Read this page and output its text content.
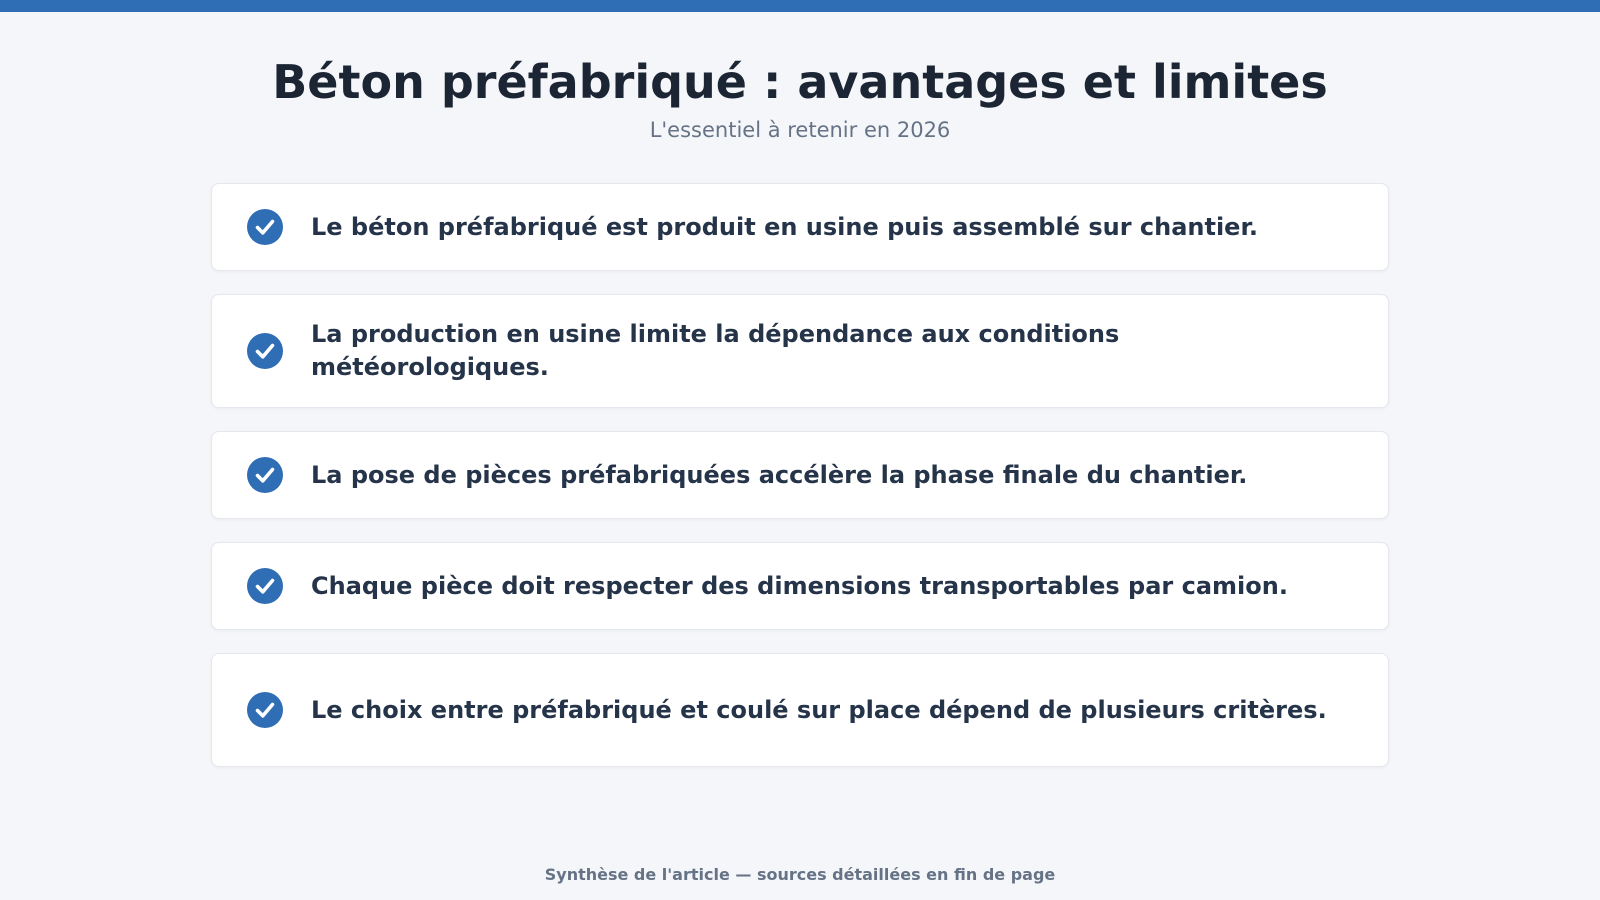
Béton préfabriqué : avantages et limites
L'essentiel à retenir en 2026
Le béton préfabriqué est produit en usine puis assemblé sur chantier.
La production en usine limite la dépendance aux conditions météorologiques.
La pose de pièces préfabriquées accélère la phase finale du chantier.
Chaque pièce doit respecter des dimensions transportables par camion.
Le choix entre préfabriqué et coulé sur place dépend de plusieurs critères.
Synthèse de l'article — sources détaillées en fin de page
